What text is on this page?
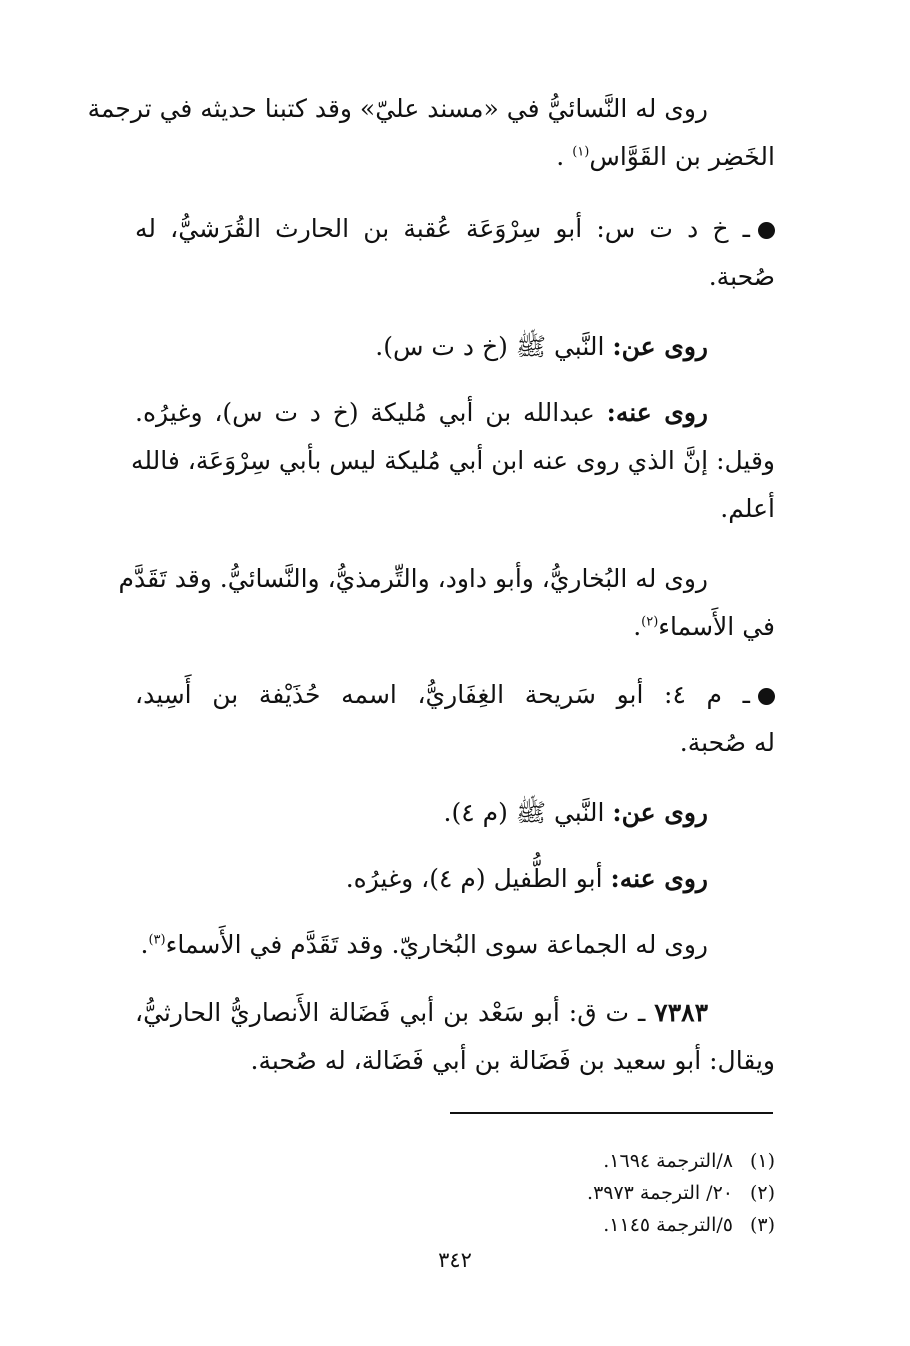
روى له النَّسائيُّ في «مسند عليّ» وقد كتبنا حديثه في ترجمة
الخَضِر بن القَوَّاس$^{(١)}$ .
ـ خ د ت س: أبو سِرْوَعَة عُقبة بن الحارث القُرَشيُّ، له
صُحبة.
روى عن: النَّبي ﷺ (خ د ت س).
روى عنه: عبدالله بن أبي مُليكة (خ د ت س)، وغيرُه.
وقيل: إنَّ الذي روى عنه ابن أبي مُليكة ليس بأبي سِرْوَعَة، فالله
أعلم.
روى له البُخاريُّ، وأبو داود، والتِّرمذيُّ، والنَّسائيُّ. وقد تَقَدَّم
في الأَسماء$^{(٢)}$.
ـ م ٤: أبو سَريحة الغِفَاريُّ، اسمه حُذَيْفة بن أَسِيد،
له صُحبة.
روى عن: النَّبي ﷺ (م ٤).
روى عنه: أبو الطُّفيل (م ٤)، وغيرُه.
روى له الجماعة سوى البُخاريّ. وقد تَقَدَّم في الأَسماء$^{(٣)}$.
٧٣٨٣ ـ ت ق: أبو سَعْد بن أبي فَضَالة الأَنصاريُّ الحارثيُّ،
ويقال: أبو سعيد بن فَضَالة بن أبي فَضَالة، له صُحبة.
(١)٨/الترجمة ١٦٩٤.
(٢)٢٠/ الترجمة ٣٩٧٣.
(٣)٥/الترجمة ١١٤٥.
٣٤٢
